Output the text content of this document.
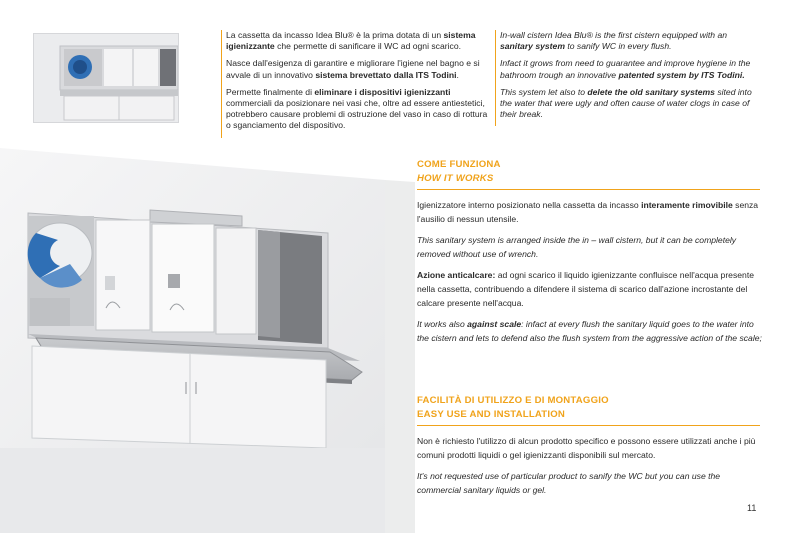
La cassetta da incasso Idea Blu® è la prima dotata di un sistema igienizzante che permette di sanificare il WC ad ogni scarico.

Nasce dall'esigenza di garantire e migliorare l'igiene nel bagno e si avvale di un innovativo sistema brevettato dalla ITS Todini.

Permette finalmente di eliminare i dispositivi igienizzanti commerciali da posizionare nei vasi che, oltre ad essere antiestetici, potrebbero causare problemi di ostruzione del vaso in caso di rottura o sganciamento del dispositivo.

In-wall cistern Idea Blu® is the first cistern equipped with an sanitary system to sanify WC in every flush.

Infact it grows from need to guarantee and improve hygiene in the bathroom trough an innovative patented system by ITS Todini.

This system let also to delete the old sanitary systems sited into the water that were ugly and often cause of water clogs in case of their break.

COME FUNZIONA
HOW IT WORKS

Igienizzatore interno posizionato nella cassetta da incasso interamente rimovibile senza l'ausilio di nessun utensile.

This sanitary system is arranged inside the in – wall cistern, but it can be completely removed without use of wrench.

Azione anticalcare: ad ogni scarico il liquido igienizzante confluisce nell'acqua presente nella cassetta, contribuendo a difendere il sistema di scarico dall'azione incrostante del calcare presente nell'acqua.

It works also against scale: infact at every flush the sanitary liquid goes to the water into the cistern and lets to defend also the flush system from the aggressive action of the scale;

FACILITÀ DI UTILIZZO E DI MONTAGGIO
EASY USE AND INSTALLATION

Non è richiesto l'utilizzo di alcun prodotto specifico e possono essere utilizzati anche i più comuni prodotti liquidi o gel igienizzanti disponibili sul mercato.

It's not requested use of particular product to sanify the WC but you can use the commercial sanitary liquids or gel.

11
